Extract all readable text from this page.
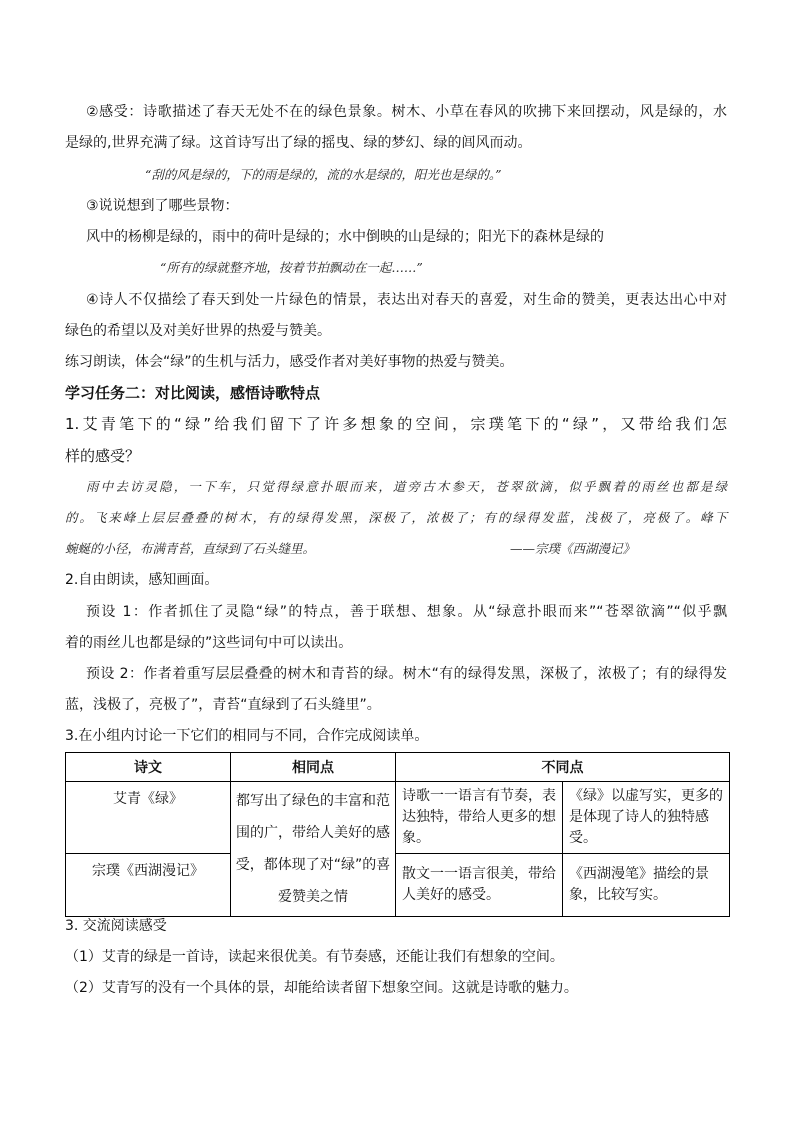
②感受：诗歌描述了春天无处不在的绿色景象。树木、小草在春风的吹拂下来回摆动，风是绿的，水
是绿的,世界充满了绿。这首诗写出了绿的摇曳、绿的梦幻、绿的闾风而动。
“刮的风是绿的，下的雨是绿的，流的水是绿的，阳光也是绿的。”
③说说想到了哪些景物：
风中的杨柳是绿的，雨中的荷叶是绿的；水中倒映的山是绿的；阳光下的森林是绿的
“所有的绿就整齐地，按着节拍飘动在一起……”
④诗人不仅描绘了春天到处一片绿色的情景，表达出对春天的喜爱，对生命的赞美，更表达出心中对
绿色的希望以及对美好世界的热爱与赞美。
练习朗读，体会“绿”的生机与活力，感受作者对美好事物的热爱与赞美。
学习任务二：对比阅读，感悟诗歌特点
1.艾青笔下的“绿”给我们留下了许多想象的空间，宗璞笔下的“绿”，又带给我们怎
样的感受？
雨中去访灵隐，一下车，只觉得绿意扑眼而来，道旁古木参天，苍翠欲滴，似乎飘着的雨丝也都是绿
的。飞来峰上层层叠叠的树木，有的绿得发黑，深极了，浓极了；有的绿得发蓝，浅极了，亮极了。峰下
蜿蜒的小径，布满青苔，直绿到了石头缝里。	——宗璞《西湖漫记》
2.自由朗读，感知画面。
预设 1：作者抓住了灵隐“绿”的特点，善于联想、想象。从“绿意扑眼而来”“苍翠欲滴”“似乎飘
着的雨丝儿也都是绿的”这些词句中可以读出。
预设 2：作者着重写层层叠叠的树木和青苔的绿。树木“有的绿得发黑，深极了，浓极了；有的绿得发
蓝，浅极了，亮极了”，青苔“直绿到了石头缝里”。
3.在小组内讨论一下它们的相同与不同，合作完成阅读单。
诗文	相同点	不同点	
艾青《绿》	都写出了绿色的丰富和范围的广，带给人美好的感受，都体现了对“绿”的喜爱赞美之情	诗歌一一语言有节奏，表达独特，带给人更多的想象。	《绿》以虚写实，更多的是体现了诗人的独特感受。

宗璞《西湖漫记》		散文一一语言很美，带给人美好的感受。	《西湖漫笔》描绘的景象，比较写实。
3. 交流阅读感受
（1）艾青的绿是一首诗，读起来很优美。有节奏感，还能让我们有想象的空间。
（2）艾青写的没有一个具体的景，却能给读者留下想象空间。这就是诗歌的魅力。
